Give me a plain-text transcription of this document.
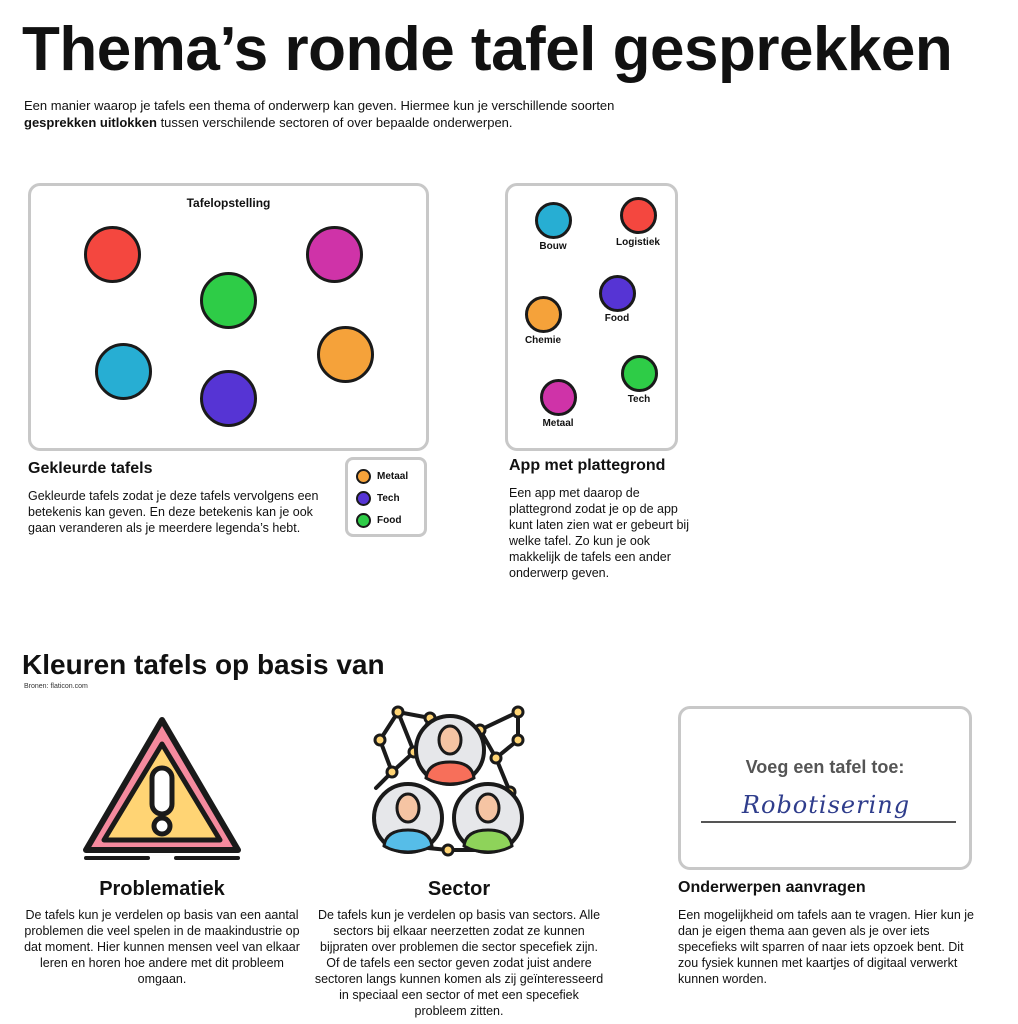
Thema’s ronde tafel gesprekken
Een manier waarop je tafels een thema of onderwerp kan geven. Hiermee kun je verschillende soorten gesprekken uitlokken tussen verschilende sectoren of over bepaalde onderwerpen.
Tafelopstelling
Gekleurde tafels
Gekleurde tafels zodat je deze tafels vervolgens een betekenis kan geven. En deze betekenis kan je ook gaan veranderen als je meerdere legenda’s hebt.
Metaal
Tech
Food
Bouw	Logistiek
Food
Chemie
Tech
Metaal
App met plattegrond
Een app met daarop de plattegrond zodat je op de app kunt laten zien wat er gebeurt bij welke tafel. Zo kun je ook makkelijk de tafels een ander onderwerp geven.
Kleuren tafels op basis van
Bronen: flaticon.com
Problematiek
De tafels kun je verdelen op basis van een aantal problemen die veel spelen in de maakindustrie op dat moment. Hier kunnen mensen veel van elkaar leren en horen hoe andere met dit probleem omgaan.
Sector
De tafels kun je verdelen op basis van sectors. Alle sectors bij elkaar neerzetten zodat ze kunnen bijpraten over problemen die sector specefiek zijn. Of de tafels een sector geven zodat juist andere sectoren langs kunnen komen als zij geïnteresseerd in speciaal een sector of met een specefiek probleem zitten.
Voeg een tafel toe:
Robotisering
Onderwerpen aanvragen
Een mogelijkheid om tafels aan te vragen. Hier kun je dan je eigen thema aan geven als je over iets specefieks wilt sparren of naar iets opzoek bent. Dit zou fysiek kunnen met kaartjes of digitaal verwerkt kunnen worden.
